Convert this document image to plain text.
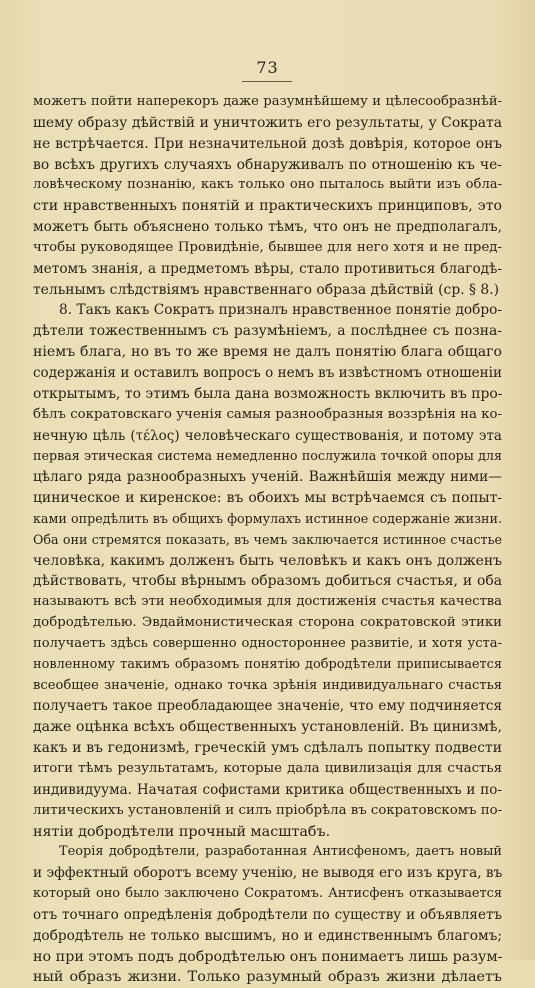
73
можетъ пойти наперекоръ даже разумнѣйшему и цѣлесообразнѣй-
шему образу дѣйствій и уничтожить его результаты, у Сократа
не встрѣчается. При незначительной дозѣ довѣрія, которое онъ
во всѣхъ другихъ случаяхъ обнаруживалъ по отношенію къ че-
ловѣческому познанію, какъ только оно пыталось выйти изъ обла-
сти нравственныхъ понятій и практическихъ принциповъ, это
можетъ быть объяснено только тѣмъ, что онъ не предполагалъ,
чтобы руководящее Провидѣніе, бывшее для него хотя и не пред-
метомъ знанія, а предметомъ вѣры, стало противиться благодѣ-
тельнымъ слѣдствіямъ нравственнаго образа дѣйствій (ср. § 8.)
8. Такъ какъ Сократъ призналъ нравственное понятіе добро-
дѣтели тожественнымъ съ разумѣніемъ, а послѣднее съ позна-
ніемъ блага, но въ то же время не далъ понятію блага общаго
содержанія и оставилъ вопросъ о немъ въ извѣстномъ отношеніи
открытымъ, то этимъ была дана возможность включить въ про-
бѣлъ сократовскаго ученія самыя разнообразныя воззрѣнія на ко-
нечную цѣль (τέλος) человѣческаго существованія, и потому эта
первая этическая система немедленно послужила точкой опоры для
цѣлаго ряда разнообразныхъ ученій. Важнѣйшія между ними—
циническое и киренское: въ обоихъ мы встрѣчаемся съ попыт-
ками опредѣлить въ общихъ формулахъ истинное содержаніе жизни.
Оба они стремятся показать, въ чемъ заключается истинное счастье
человѣка, какимъ долженъ быть человѣкъ и какъ онъ долженъ
дѣйствовать, чтобы вѣрнымъ образомъ добиться счастья, и оба
называютъ всѣ эти необходимыя для достиженія счастья качества
добродѣтелью. Эвдаймонистическая сторона сократовской этики
получаетъ здѣсь совершенно одностороннее развитіе, и хотя уста-
новленному такимъ образомъ понятію добродѣтели приписывается
всеобщее значеніе, однако точка зрѣнія индивидуальнаго счастья
получаетъ такое преобладающее значеніе, что ему подчиняется
даже оцѣнка всѣхъ общественныхъ установленій. Въ цинизмѣ,
какъ и въ гедонизмѣ, греческій умъ сдѣлалъ попытку подвести
итоги тѣмъ результатамъ, которые дала цивилизація для счастья
индивидуума. Начатая софистами критика общественныхъ и по-
литическихъ установленій и силъ пріобрѣла въ сократовскомъ по-
нятіи добродѣтели прочный масштабъ.
Теорія добродѣтели, разработанная Антисфеномъ, даетъ новый
и эффектный оборотъ всему ученію, не выводя его изъ круга, въ
который оно было заключено Сократомъ. Антисфенъ отказывается
отъ точнаго опредѣленія добродѣтели по существу и объявляетъ
добродѣтель не только высшимъ, но и единственнымъ благомъ;
но при этомъ подъ добродѣтелью онъ понимаетъ лишь разум-
ный образъ жизни. Только разумный образъ жизни дѣлаетъ
